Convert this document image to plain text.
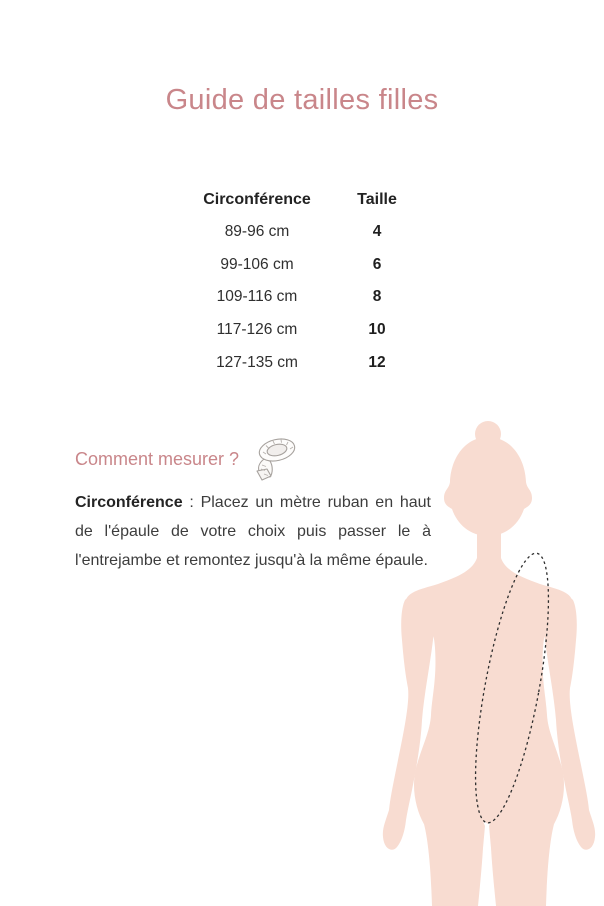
Guide de tailles filles
Circonférence	Taille
89-96 cm	4
99-106 cm	6
109-116 cm	8
117-126 cm	10
127-135 cm	12
Comment mesurer ?

Circonférence : Placez un mètre ruban en haut de l'épaule de votre choix puis passer le à l'entrejambe et remontez jusqu'à la même épaule.
